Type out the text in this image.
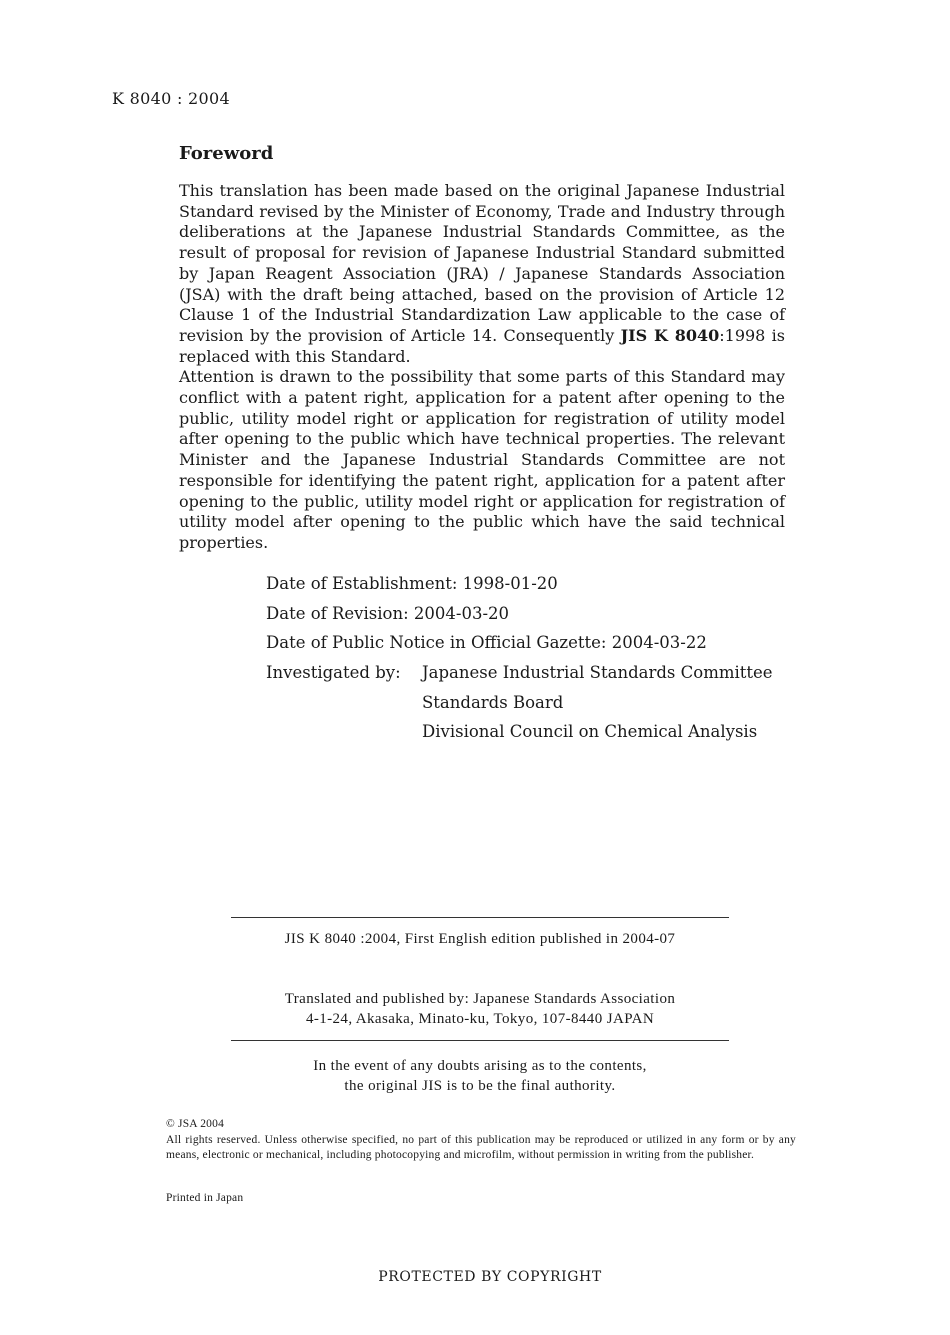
K 8040 : 2004
Foreword

This translation has been made based on the original Japanese Industrial Standard revised by the Minister of Economy, Trade and Industry through deliberations at the Japanese Industrial Standards Committee, as the result of proposal for revision of Japanese Industrial Standard submitted by Japan Reagent Association (JRA) / Japanese Standards Association (JSA) with the draft being attached, based on the provision of Article 12 Clause 1 of the Industrial Standardization Law applicable to the case of revision by the provision of Article 14. Consequently JIS K 8040:1998 is replaced with this Standard.

Attention is drawn to the possibility that some parts of this Standard may conflict with a patent right, application for a patent after opening to the public, utility model right or application for registration of utility model after opening to the public which have technical properties. The relevant Minister and the Japanese Industrial Standards Committee are not responsible for identifying the patent right, application for a patent after opening to the public, utility model right or application for registration of utility model after opening to the public which have the said technical properties.

Date of Establishment: 1998-01-20
Date of Revision: 2004-03-20
Date of Public Notice in Official Gazette: 2004-03-22
Investigated by:	Japanese Industrial Standards Committee
Standards Board
Divisional Council on Chemical Analysis
JIS K 8040 :2004, First English edition published in 2004-07
Translated and published by: Japanese Standards Association
4-1-24, Akasaka, Minato-ku, Tokyo, 107-8440 JAPAN
In the event of any doubts arising as to the contents,
the original JIS is to be the final authority.
© JSA 2004
All rights reserved. Unless otherwise specified, no part of this publication may be reproduced or utilized in any form or by any means, electronic or mechanical, including photocopying and microfilm, without permission in writing from the publisher.
Printed in Japan
PROTECTED BY COPYRIGHT
